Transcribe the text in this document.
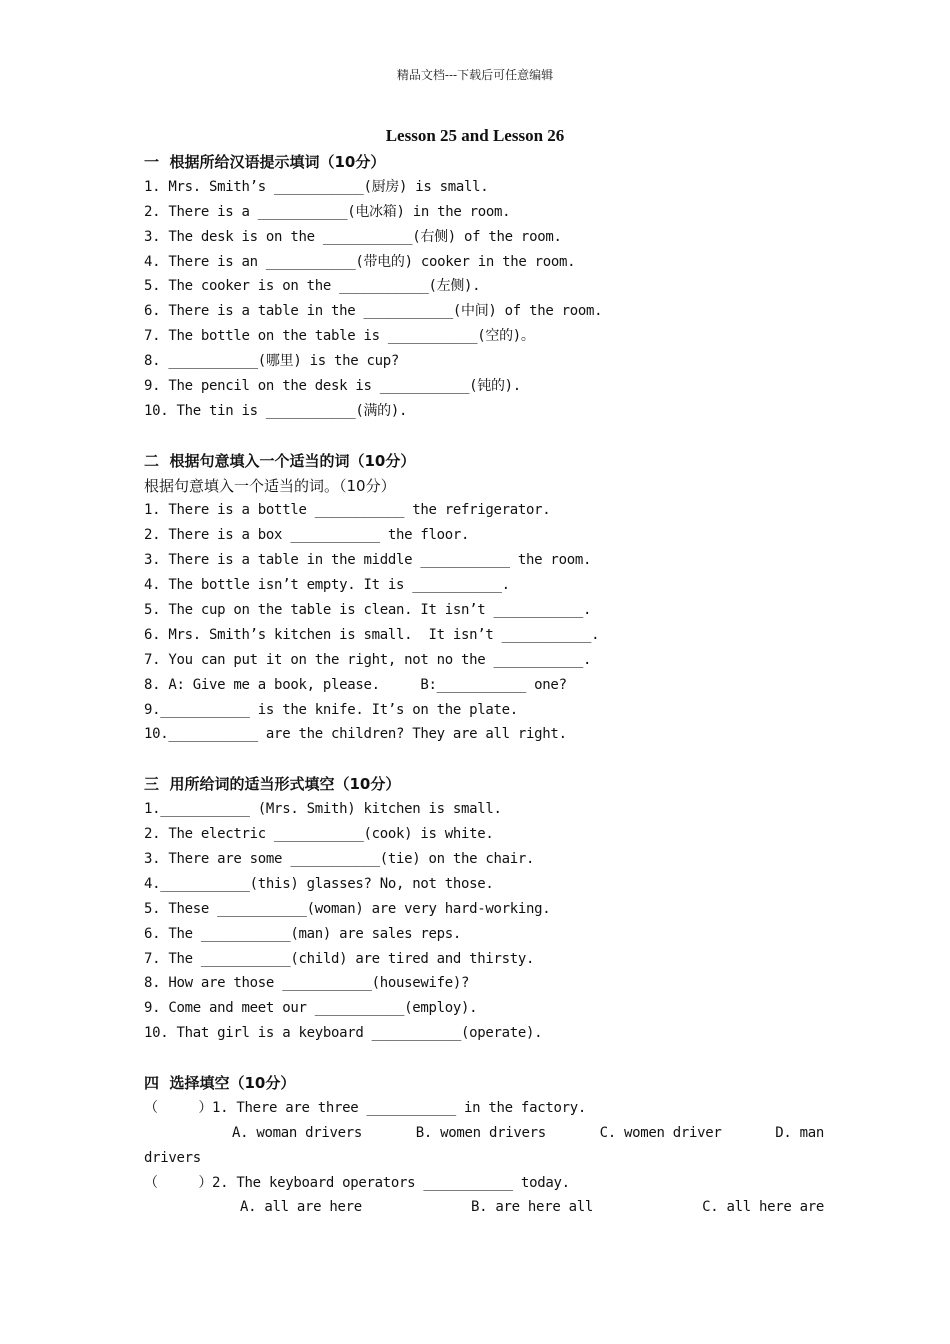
精品文档---下载后可任意编辑
Lesson 25 and Lesson 26
一  根据所给汉语提示填词（10分）
1. Mrs. Smith’s ___________(厨房) is small.
2. There is a ___________(电冰箱) in the room.
3. The desk is on the ___________(右侧) of the room.
4. There is an ___________(带电的) cooker in the room.
5. The cooker is on the ___________(左侧).
6. There is a table in the ___________(中间) of the room.
7. The bottle on the table is ___________(空的)。
8. ___________(哪里) is the cup?
9. The pencil on the desk is ___________(钝的).
10. The tin is ___________(满的).
二  根据句意填入一个适当的词（10分）
根据句意填入一个适当的词。（10分）
1. There is a bottle ___________ the refrigerator.
2. There is a box ___________ the floor.
3. There is a table in the middle ___________ the room.
4. The bottle isn’t empty. It is ___________.
5. The cup on the table is clean. It isn’t ___________.
6. Mrs. Smith’s kitchen is small.  It isn’t ___________.
7. You can put it on the right, not no the ___________.
8. A: Give me a book, please.     B:___________ one?
9.___________ is the knife. It’s on the plate.
10.___________ are the children? They are all right.
三  用所给词的适当形式填空（10分）
1.___________ (Mrs. Smith) kitchen is small.
2. The electric ___________(cook) is white.
3. There are some ___________(tie) on the chair.
4.___________(this) glasses? No, not those.
5. These ___________(woman) are very hard-working.
6. The ___________(man) are sales reps.
7. The ___________(child) are tired and thirsty.
8. How are those ___________(housewife)?
9. Come and meet our ___________(employ).
10. That girl is a keyboard ___________(operate).
四  选择填空（10分）
（     ）1. There are three ___________ in the factory.
A. woman drivers	B. women drivers	C. women driver	D. man
drivers
（     ）2. The keyboard operators ___________ today.
A. all are here	B. are here all	C. all here are
